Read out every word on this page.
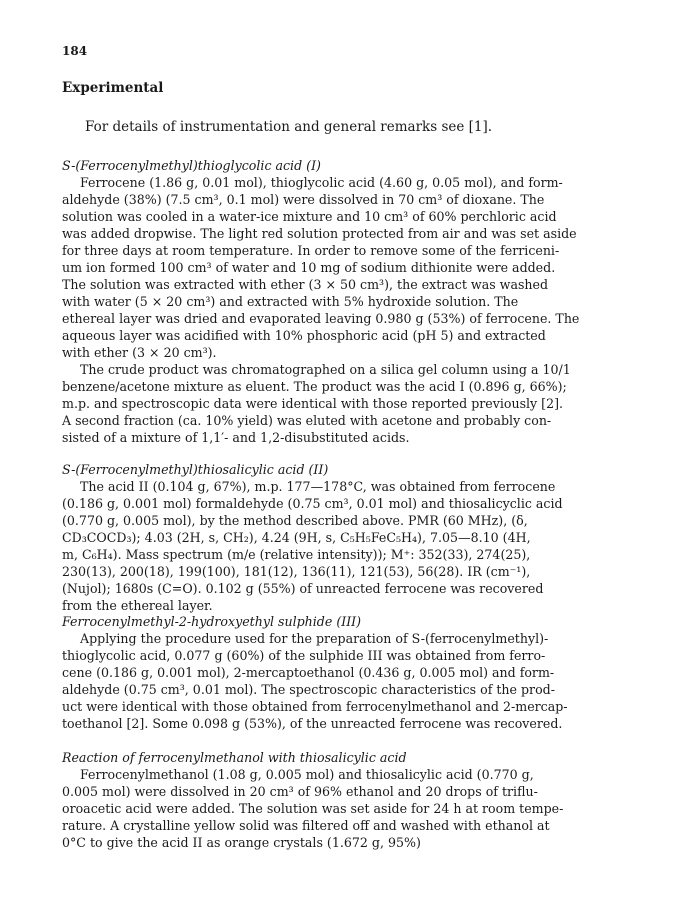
184
Experimental
For details of instrumentation and general remarks see [1].
S-(Ferrocenylmethyl)thioglycolic acid (I)

Ferrocene (1.86 g, 0.01 mol), thioglycolic acid (4.60 g, 0.05 mol), and form-
aldehyde (38%) (7.5 cm³, 0.1 mol) were dissolved in 70 cm³ of dioxane. The
solution was cooled in a water-ice mixture and 10 cm³ of 60% perchloric acid
was added dropwise. The light red solution protected from air and was set aside
for three days at room temperature. In order to remove some of the ferriceni-
um ion formed 100 cm³ of water and 10 mg of sodium dithionite were added.
The solution was extracted with ether (3 × 50 cm³), the extract was washed
with water (5 × 20 cm³) and extracted with 5% hydroxide solution. The
ethereal layer was dried and evaporated leaving 0.980 g (53%) of ferrocene. The
aqueous layer was acidified with 10% phosphoric acid (pH 5) and extracted
with ether (3 × 20 cm³).

The crude product was chromatographed on a silica gel column using a 10/1
benzene/acetone mixture as eluent. The product was the acid I (0.896 g, 66%);
m.p. and spectroscopic data were identical with those reported previously [2].
A second fraction (ca. 10% yield) was eluted with acetone and probably con-
sisted of a mixture of 1,1′- and 1,2-disubstituted acids.

S-(Ferrocenylmethyl)thiosalicylic acid (II)

The acid II (0.104 g, 67%), m.p. 177—178°C, was obtained from ferrocene
(0.186 g, 0.001 mol) formaldehyde (0.75 cm³, 0.01 mol) and thiosalicyclic acid
(0.770 g, 0.005 mol), by the method described above. PMR (60 MHz), (δ,
CD₃COCD₃); 4.03 (2H, s, CH₂), 4.24 (9H, s, C₅H₅FeC₅H₄), 7.05—8.10 (4H,
m, C₆H₄). Mass spectrum (m/e (relative intensity)); M⁺: 352(33), 274(25),
230(13), 200(18), 199(100), 181(12), 136(11), 121(53), 56(28). IR (cm⁻¹),
(Nujol); 1680s (C=O). 0.102 g (55%) of unreacted ferrocene was recovered
from the ethereal layer.

Ferrocenylmethyl-2-hydroxyethyl sulphide (III)

Applying the procedure used for the preparation of S-(ferrocenylmethyl)-
thioglycolic acid, 0.077 g (60%) of the sulphide III was obtained from ferro-
cene (0.186 g, 0.001 mol), 2-mercaptoethanol (0.436 g, 0.005 mol) and form-
aldehyde (0.75 cm³, 0.01 mol). The spectroscopic characteristics of the prod-
uct were identical with those obtained from ferrocenylmethanol and 2-mercap-
toethanol [2]. Some 0.098 g (53%), of the unreacted ferrocene was recovered.

Reaction of ferrocenylmethanol with thiosalicylic acid

Ferrocenylmethanol (1.08 g, 0.005 mol) and thiosalicylic acid (0.770 g,
0.005 mol) were dissolved in 20 cm³ of 96% ethanol and 20 drops of triflu-
oroacetic acid were added. The solution was set aside for 24 h at room tempe-
rature. A crystalline yellow solid was filtered off and washed with ethanol at
0°C to give the acid II as orange crystals (1.672 g, 95%)
